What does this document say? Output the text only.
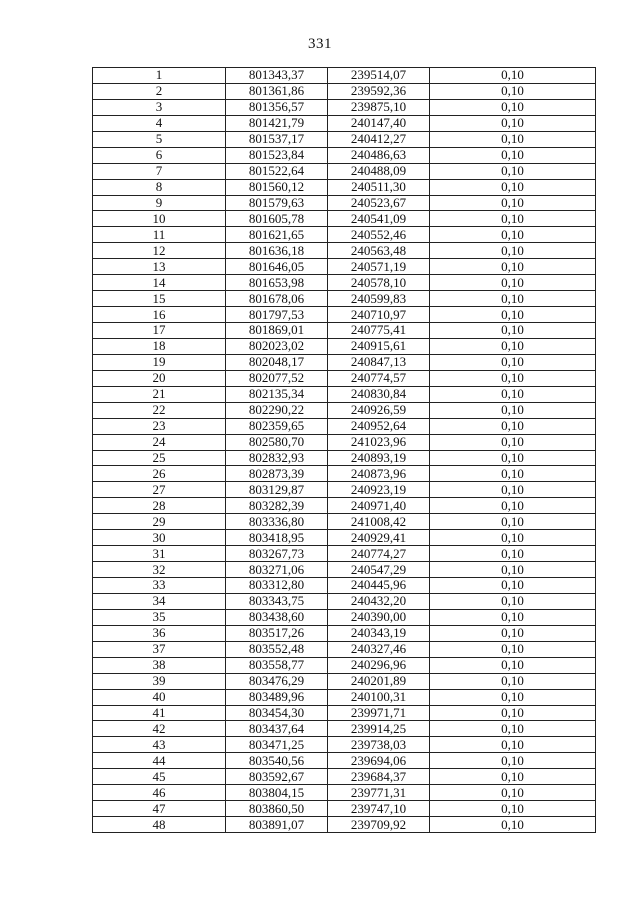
331
1	801343,37	239514,07	0,10
2	801361,86	239592,36	0,10
3	801356,57	239875,10	0,10
4	801421,79	240147,40	0,10
5	801537,17	240412,27	0,10
6	801523,84	240486,63	0,10
7	801522,64	240488,09	0,10
8	801560,12	240511,30	0,10
9	801579,63	240523,67	0,10
10	801605,78	240541,09	0,10
11	801621,65	240552,46	0,10
12	801636,18	240563,48	0,10
13	801646,05	240571,19	0,10
14	801653,98	240578,10	0,10
15	801678,06	240599,83	0,10
16	801797,53	240710,97	0,10
17	801869,01	240775,41	0,10
18	802023,02	240915,61	0,10
19	802048,17	240847,13	0,10
20	802077,52	240774,57	0,10
21	802135,34	240830,84	0,10
22	802290,22	240926,59	0,10
23	802359,65	240952,64	0,10
24	802580,70	241023,96	0,10
25	802832,93	240893,19	0,10
26	802873,39	240873,96	0,10
27	803129,87	240923,19	0,10
28	803282,39	240971,40	0,10
29	803336,80	241008,42	0,10
30	803418,95	240929,41	0,10
31	803267,73	240774,27	0,10
32	803271,06	240547,29	0,10
33	803312,80	240445,96	0,10
34	803343,75	240432,20	0,10
35	803438,60	240390,00	0,10
36	803517,26	240343,19	0,10
37	803552,48	240327,46	0,10
38	803558,77	240296,96	0,10
39	803476,29	240201,89	0,10
40	803489,96	240100,31	0,10
41	803454,30	239971,71	0,10
42	803437,64	239914,25	0,10
43	803471,25	239738,03	0,10
44	803540,56	239694,06	0,10
45	803592,67	239684,37	0,10
46	803804,15	239771,31	0,10
47	803860,50	239747,10	0,10
48	803891,07	239709,92	0,10
